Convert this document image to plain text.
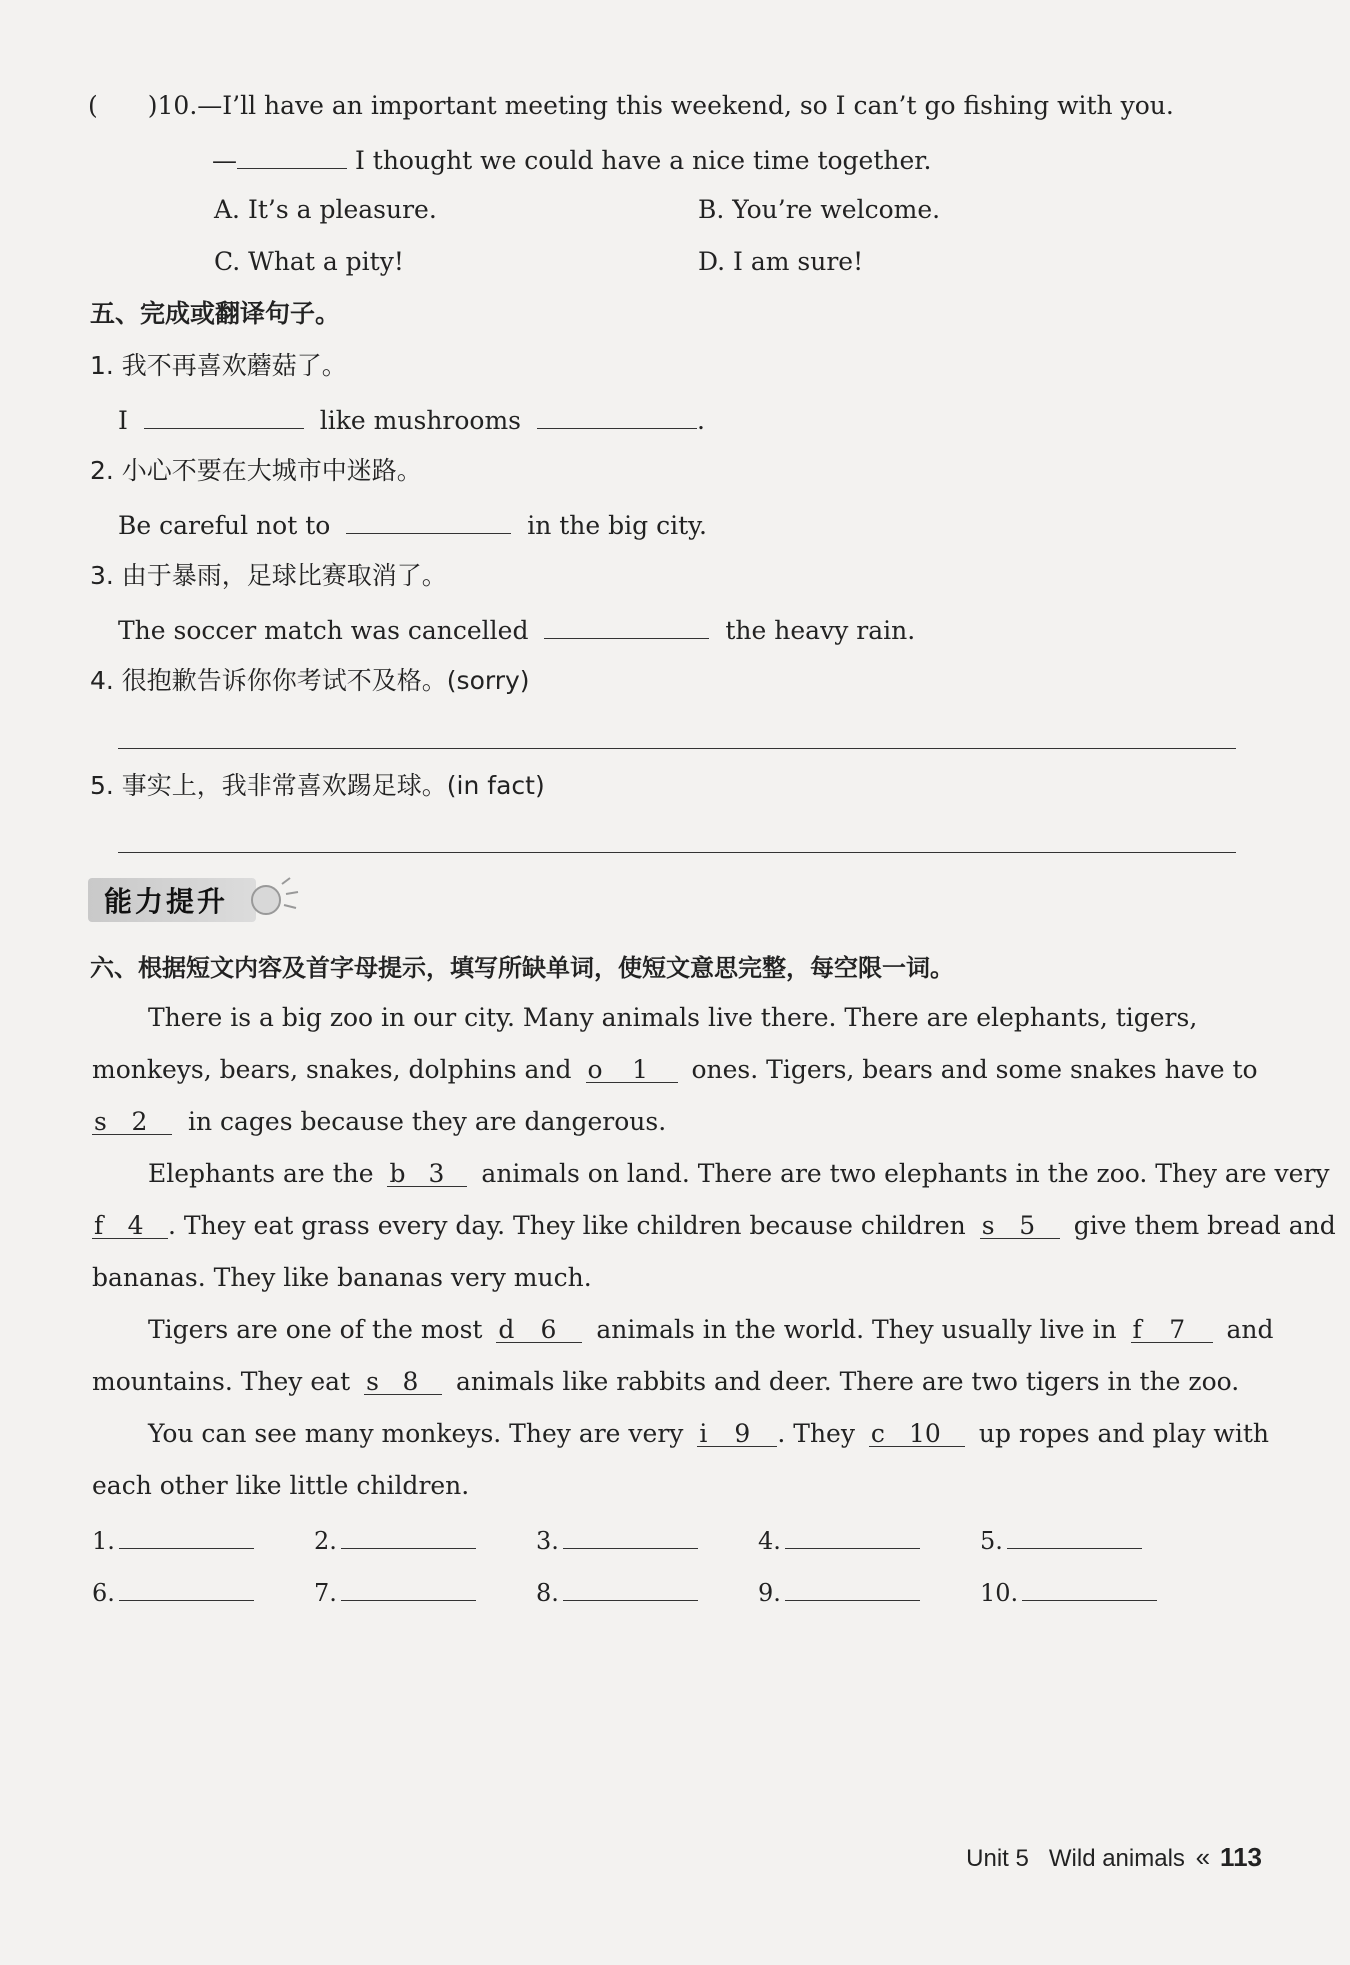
(　　)10.—I’ll have an important meeting this weekend, so I can’t go fishing with you.
—	I thought we could have a nice time together.
A. It’s a pleasure.	B. You’re welcome.
C. What a pity!	D. I am sure!
五、完成或翻译句子。
1. 我不再喜欢蘑菇了。
I	like mushrooms	.
2. 小心不要在大城市中迷路。
Be careful not to	in the big city.
3. 由于暴雨，足球比赛取消了。
The soccer match was cancelled	the heavy rain.
4. 很抱歉告诉你你考试不及格。(sorry)
5. 事实上，我非常喜欢踢足球。(in fact)
能力提升
六、根据短文内容及首字母提示，填写所缺单词，使短文意思完整，每空限一词。
There is a big zoo in our city. Many animals live there. There are elephants, tigers,
monkeys, bears, snakes, dolphins and o 1 ones. Tigers, bears and some snakes have to
s 2 in cages because they are dangerous.
Elephants are the b 3 animals on land. There are two elephants in the zoo. They are very
f 4 . They eat grass every day. They like children because children s 5 give them bread and
bananas. They like bananas very much.
Tigers are one of the most d 6 animals in the world. They usually live in f 7 and
mountains. They eat s 8 animals like rabbits and deer. There are two tigers in the zoo.
You can see many monkeys. They are very i 9 . They c 10 up ropes and play with
each other like little children.
1.	2.	3.	4.	5.
6.	7.	8.	9.	10.
Unit 5 Wild animals « 113
